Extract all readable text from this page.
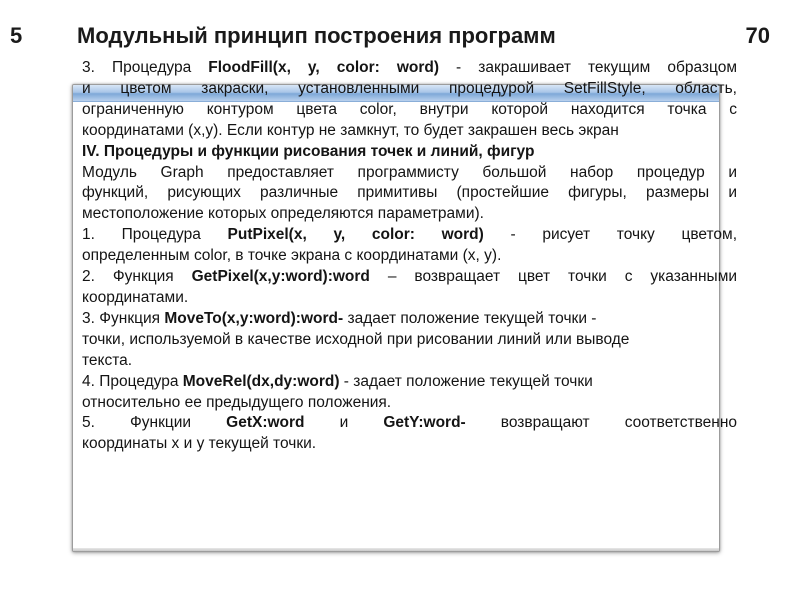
5 Модульный принцип построения программ	70

3. Процедура FloodFill(x, y, color: word) - закрашивает текущим образцом

и цветом закраски, установленными процедурой SetFillStyle, область,

ограниченную контуром цвета color, внутри которой находится точка с

координатами (x,y). Если контур не замкнут, то будет закрашен весь экран

IV. Процедуры и функции рисования точек и линий, фигур

Модуль Graph предоставляет программисту большой набор процедур и

функций, рисующих различные примитивы (простейшие фигуры, размеры и

местоположение которых определяются параметрами).

1. Процедура PutPixel(x, y, color: word) - рисует точку цветом,

определенным color, в точке экрана с координатами (x, y).

2. Функция GetPixel(x,y:word):word – возвращает цвет точки с указанными

координатами.

3. Функция MoveTo(x,y:word):word- задает положение текущей точки -

точки, используемой в качестве исходной при рисовании линий или выводе

текста.

4. Процедура MoveRel(dx,dy:word) - задает положение текущей точки

относительно ее предыдущего положения.

5. Функции GetX:word и GetY:word- возвращают соответственно

координаты x и y текущей точки.
